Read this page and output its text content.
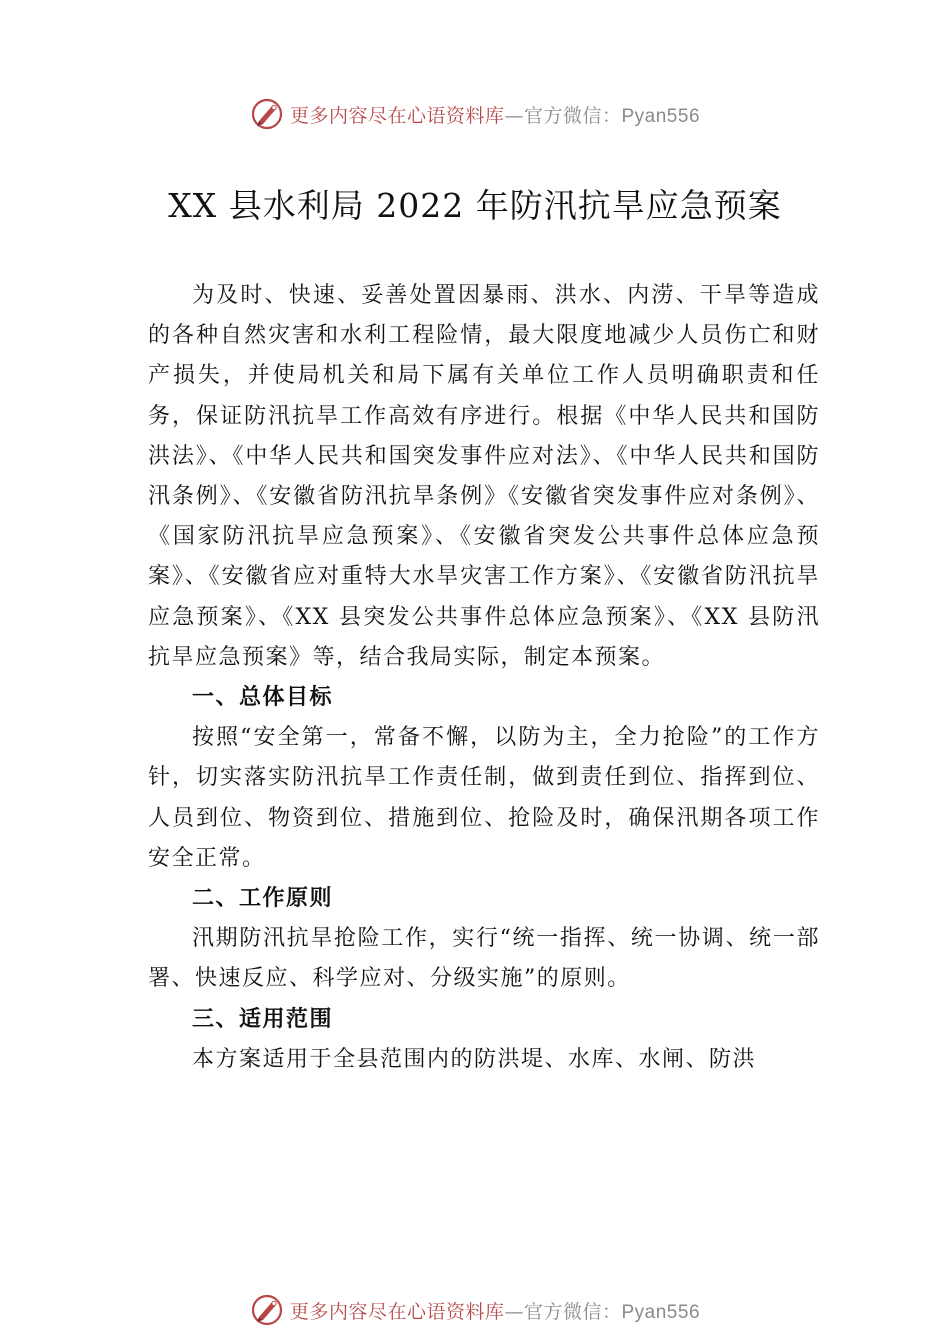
更多内容尽在心语资料库—官方微信：Pyan556
XX 县水利局 2022 年防汛抗旱应急预案

为及时、快速、妥善处置因暴雨、洪水、内涝、干旱等造成的各种自然灾害和水利工程险情，最大限度地减少人员伤亡和财产损失，并使局机关和局下属有关单位工作人员明确职责和任务，保证防汛抗旱工作高效有序进行。根据《中华人民共和国防洪法》、《中华人民共和国突发事件应对法》、《中华人民共和国防汛条例》、《安徽省防汛抗旱条例》《安徽省突发事件应对条例》、《国家防汛抗旱应急预案》、《安徽省突发公共事件总体应急预案》、《安徽省应对重特大水旱灾害工作方案》、《安徽省防汛抗旱应急预案》、《XX 县突发公共事件总体应急预案》、《XX 县防汛抗旱应急预案》等，结合我局实际，制定本预案。

一、总体目标

按照“安全第一，常备不懈，以防为主，全力抢险”的工作方针，切实落实防汛抗旱工作责任制，做到责任到位、指挥到位、人员到位、物资到位、措施到位、抢险及时，确保汛期各项工作安全正常。

二、工作原则

汛期防汛抗旱抢险工作，实行“统一指挥、统一协调、统一部署、快速反应、科学应对、分级实施”的原则。

三、适用范围

本方案适用于全县范围内的防洪堤、水库、水闸、防洪

更多内容尽在心语资料库—官方微信：Pyan556
